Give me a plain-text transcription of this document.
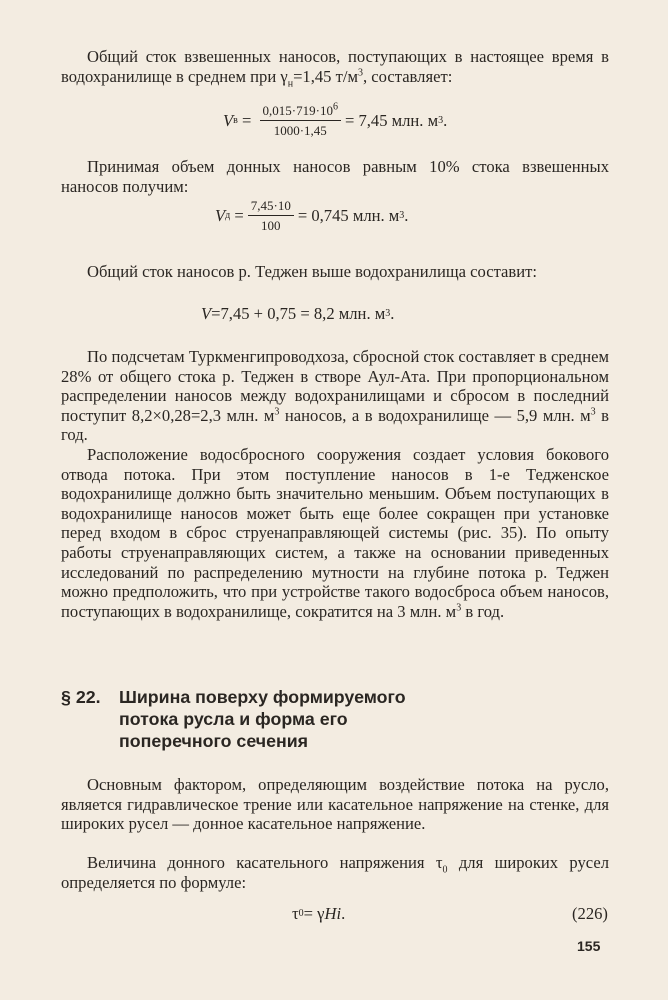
Общий сток взвешенных наносов, поступающих в настоящее время в водохранилище в среднем при $\gamma_н=1,45$ $т/м^3$, составляет:

V $в = \frac{0,015\cdot 719\cdot 10^6}{1000\cdot 1,45} = 7,45$ млн. м 3 .

Принимая объем донных наносов равным 10% стока взвешенных наносов получим:

V $д = \frac{7,45\cdot 10}{100} = 0,745$ млн. м 3 .

Общий сток наносов р. Теджен выше водохранилища составит:

V =7,45 + 0,75 = 8,2 млн. м 3 .

По подсчетам Туркменгипроводхоза, сбросной сток составляет в среднем 28% от общего стока р. Теджен в створе Аул-Ата. При пропорциональном распределении наносов между водохранилищами и сбросом в последний поступит 8,2×0,28=2,3 млн. $м^3$ наносов, а в водохранилище — 5,9 млн. $м^3$ в год.

Расположение водосбросного сооружения создает условия бокового отвода потока. При этом поступление наносов в 1-е Тедженское водохранилище должно быть значительно меньшим. Объем поступающих в водохранилище наносов может быть еще более сокращен при установке перед входом в сброс струенаправляющей системы (рис. 35). По опыту работы струенаправляющих систем, а также на основании приведенных исследований по распределению мутности на глубине потока р. Теджен можно предположить, что при устройстве такого водосброса объем наносов, поступающих в водохранилище, сократится на 3 млн. $м^3$ в год.

§ 22. Ширина поверху формируемого
потока русла и форма его
поперечного сечения

Основным фактором, определяющим воздействие потока на русло, является гидравлическое трение или касательное напряжение на стенке, для широких русел — донное касательное напряжение.

Величина донного касательного напряжения $\tau_0$ для широких русел определяется по формуле:

τ 0 = γ Hi .	(226)
155
